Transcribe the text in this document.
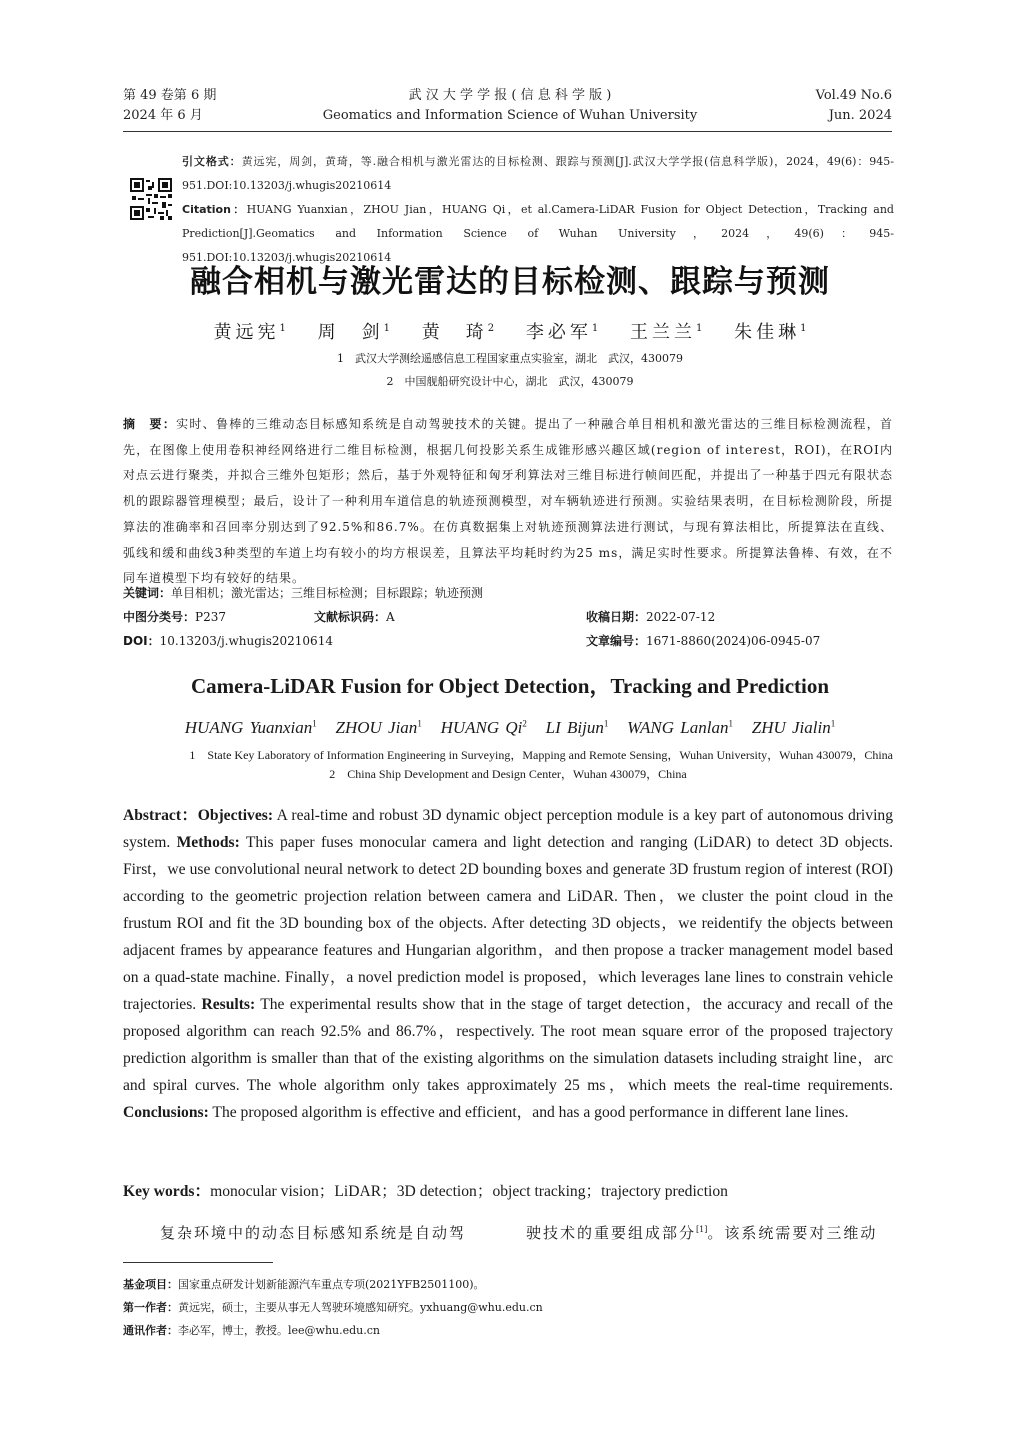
第 49 卷第 6 期
2024 年 6 月
武 汉 大 学 学 报 ( 信 息 科 学 版 )
Geomatics and Information Science of Wuhan University
Vol.49 No.6
Jun. 2024
引文格式：黄远宪，周剑，黄琦，等.融合相机与激光雷达的目标检测、跟踪与预测[J].武汉大学学报(信息科学版)，2024，49(6)：945-951.DOI:10.13203/j.whugis20210614
Citation：HUANG Yuanxian，ZHOU Jian，HUANG Qi，et al.Camera-LiDAR Fusion for Object Detection，Tracking and Prediction[J].Geomatics and Information Science of Wuhan University，2024，49(6)：945-951.DOI:10.13203/j.whugis20210614
融合相机与激光雷达的目标检测、跟踪与预测
黄远宪$^1$　 周　剑$^1$　 黄　琦$^2$　 李必军$^1$　 王兰兰$^1$　 朱佳琳$^1$
1　武汉大学测绘遥感信息工程国家重点实验室，湖北　武汉，430079
2　中国舰船研究设计中心，湖北　武汉，430079
摘　要：实时、鲁棒的三维动态目标感知系统是自动驾驶技术的关键。提出了一种融合单目相机和激光雷达的三维目标检测流程，首先，在图像上使用卷积神经网络进行二维目标检测，根据几何投影关系生成锥形感兴趣区域(region of interest，ROI)，在ROI内对点云进行聚类，并拟合三维外包矩形；然后，基于外观特征和匈牙利算法对三维目标进行帧间匹配，并提出了一种基于四元有限状态机的跟踪器管理模型；最后，设计了一种利用车道信息的轨迹预测模型，对车辆轨迹进行预测。实验结果表明，在目标检测阶段，所提算法的准确率和召回率分别达到了92.5%和86.7%。在仿真数据集上对轨迹预测算法进行测试，与现有算法相比，所提算法在直线、弧线和缓和曲线3种类型的车道上均有较小的均方根误差，且算法平均耗时约为25 ms，满足实时性要求。所提算法鲁棒、有效，在不同车道模型下均有较好的结果。
关键词：单目相机；激光雷达；三维目标检测；目标跟踪；轨迹预测
中图分类号：P237	文献标识码：A	收稿日期：2022-07-12
DOI：10.13203/j.whugis20210614	文章编号：1671-8860(2024)06-0945-07
Camera-LiDAR Fusion for Object Detection，Tracking and Prediction
HUANG Yuanxian$^1$ ZHOU Jian$^1$ HUANG Qi$^2$ LI Bijun$^1$ WANG Lanlan$^1$ ZHU Jialin$^1$
1　State Key Laboratory of Information Engineering in Surveying，Mapping and Remote Sensing，Wuhan University，Wuhan 430079，China
2　China Ship Development and Design Center，Wuhan 430079，China
Abstract：Objectives: A real-time and robust 3D dynamic object perception module is a key part of autonomous driving system. Methods: This paper fuses monocular camera and light detection and ranging (LiDAR) to detect 3D objects. First，we use convolutional neural network to detect 2D bounding boxes and generate 3D frustum region of interest (ROI) according to the geometric projection relation between camera and LiDAR. Then，we cluster the point cloud in the frustum ROI and fit the 3D bounding box of the objects. After detecting 3D objects，we reidentify the objects between adjacent frames by appearance features and Hungarian algorithm，and then propose a tracker management model based on a quad-state machine. Finally，a novel prediction model is proposed，which leverages lane lines to constrain vehicle trajectories. Results: The experimental results show that in the stage of target detection，the accuracy and recall of the proposed algorithm can reach 92.5% and 86.7%，respectively. The root mean square error of the proposed trajectory prediction algorithm is smaller than that of the existing algorithms on the simulation datasets including straight line，arc and spiral curves. The whole algorithm only takes approximately 25 ms，which meets the real-time requirements. Conclusions: The proposed algorithm is effective and efficient，and has a good performance in different lane lines.
Key words：monocular vision；LiDAR；3D detection；object tracking；trajectory prediction
复杂环境中的动态目标感知系统是自动驾	驶技术的重要组成部分[1]。该系统需要对三维动
基金项目：国家重点研发计划新能源汽车重点专项(2021YFB2501100)。
第一作者：黄远宪，硕士，主要从事无人驾驶环境感知研究。yxhuang@whu.edu.cn
通讯作者：李必军，博士，教授。lee@whu.edu.cn
